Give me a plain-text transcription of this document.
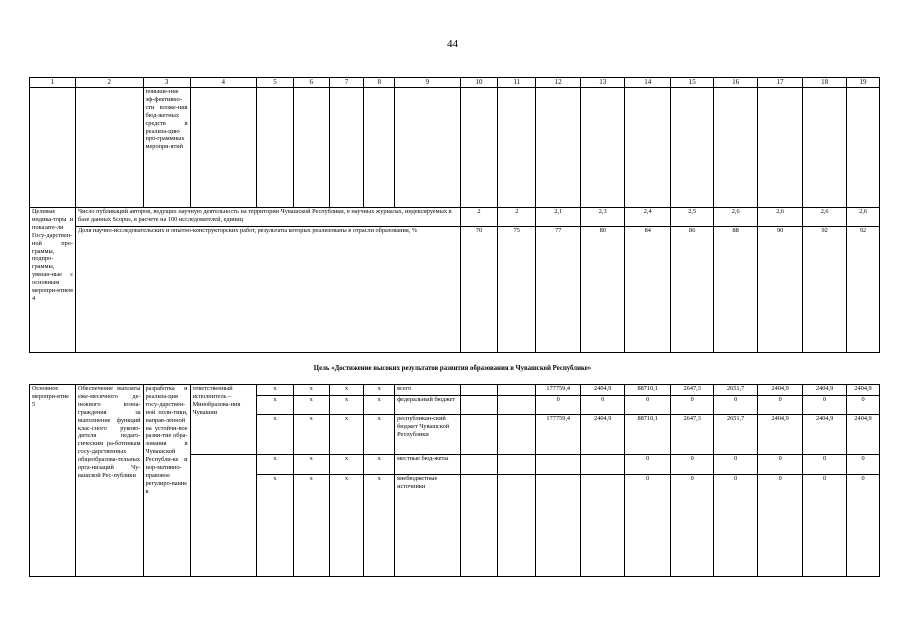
44
1	2	3	4	5	6	7	8	9	10	11	12	13	14	15	16	17	18	19
		повыше-ние эф-фективно-сти вложе-ния бюд-жетных средств в реализа-цию про-граммных меропри-ятий																
Целевые индика-торы и показате-ли Госу-дарствен-ной про-граммы, подпро-граммы, увязан-ные с основным меропри-ятием 4	Число публикаций авторов, ведущих научную деятельность на территории Чувашской Республики, в научных журналах, индексируемых в базе данных Scopus, в расчете на 100 исследователей, единиц								2	2	2,1	2,3	2,4	2,5	2,6	2,6	2,6	2,6
	Доля научно-исследовательских и опытно-конструкторских работ, результаты которых реализованы в отрасли образования, %								70	75	77	80	84	86	88	90	92	92
Цель «Достижение высоких результатов развития образования в Чувашской Республике»
Основное меропри-ятие 5	Обеспечение выплаты еже-месячного де-нежного возна-граждения за выполнение функций клас-сного руково-дителя педаго-гическим ра-ботникам госу-дарственных общеобразова-тельных орга-низаций Чу-вашской Рес-публики	разработка и реализа-ция госу-дарствен-ной поли-тики, направ-ленной на устойчи-вое разви-тие обра-зования в Чувашской Республи-ке и нор-мативно-правовое регулиро-вание в	ответственный исполнитель – Минобразова-ния Чувашии	x	x	x	x	всего			177759,4	2404,9	88710,1	2647,3	2651,7	2404,9	2404,9	2404,9
				x	x	x	x	федеральный бюджет			0	0	0	0	0	0	0	0
				x	x	x	x	республикан-ский бюджет Чувашской Республики			177759,4	2404,9	88710,1	2647,3	2651,7	2404,9	2404,9	2404,9
				x	x	x	x	местные бюд-жеты					0	0	0	0	0	0
				x	x	x	x	внебюджетные источники					0	0	0	0	0	0
